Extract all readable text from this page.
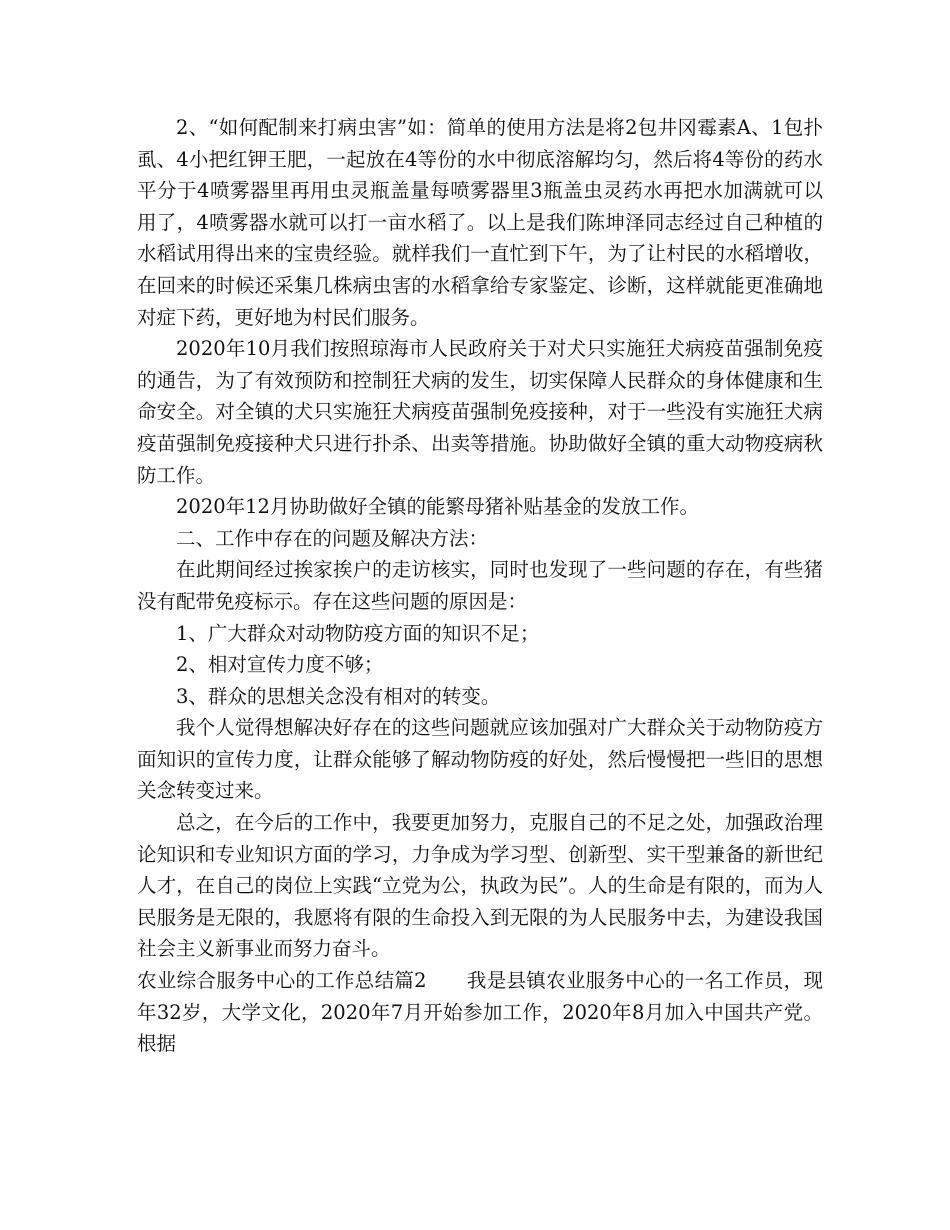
2、“如何配制来打病虫害”如：简单的使用方法是将2包井冈霉素A、1包扑虱、4小把红钾王肥，一起放在4等份的水中彻底溶解均匀，然后将4等份的药水平分于4喷雾器里再用虫灵瓶盖量每喷雾器里3瓶盖虫灵药水再把水加满就可以用了，4喷雾器水就可以打一亩水稻了。以上是我们陈坤泽同志经过自己种植的水稻试用得出来的宝贵经验。就样我们一直忙到下午，为了让村民的水稻增收，在回来的时候还采集几株病虫害的水稻拿给专家鉴定、诊断，这样就能更准确地对症下药，更好地为村民们服务。

2020年10月我们按照琼海市人民政府关于对犬只实施狂犬病疫苗强制免疫的通告，为了有效预防和控制狂犬病的发生，切实保障人民群众的身体健康和生命安全。对全镇的犬只实施狂犬病疫苗强制免疫接种，对于一些没有实施狂犬病疫苗强制免疫接种犬只进行扑杀、出卖等措施。协助做好全镇的重大动物疫病秋防工作。

2020年12月协助做好全镇的能繁母猪补贴基金的发放工作。

二、工作中存在的问题及解决方法：

在此期间经过挨家挨户的走访核实，同时也发现了一些问题的存在，有些猪没有配带免疫标示。存在这些问题的原因是：

1、广大群众对动物防疫方面的知识不足；

2、相对宣传力度不够；

3、群众的思想关念没有相对的转变。

我个人觉得想解决好存在的这些问题就应该加强对广大群众关于动物防疫方面知识的宣传力度，让群众能够了解动物防疫的好处，然后慢慢把一些旧的思想关念转变过来。

总之，在今后的工作中，我要更加努力，克服自己的不足之处，加强政治理论知识和专业知识方面的学习，力争成为学习型、创新型、实干型兼备的新世纪人才，在自己的岗位上实践“立党为公，执政为民”。人的生命是有限的，而为人民服务是无限的，我愿将有限的生命投入到无限的为人民服务中去，为建设我国社会主义新事业而努力奋斗。

农业综合服务中心的工作总结篇2 我是县镇农业服务中心的一名工作员，现年32岁，大学文化，2020年7月开始参加工作，2020年8月加入中国共产党。根据
